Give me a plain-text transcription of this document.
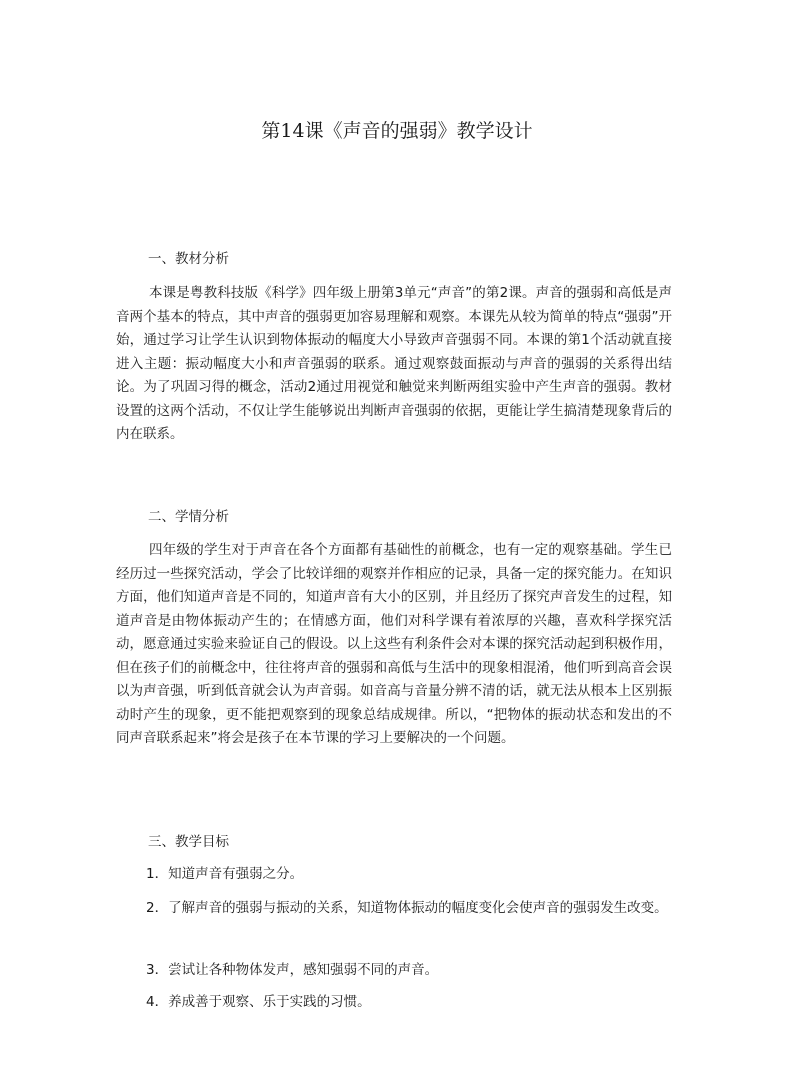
第14课《声音的强弱》教学设计
一、教材分析

本课是粤教科技版《科学》四年级上册第3单元“声音”的第2课。声音的强弱和高低是声音两个基本的特点，其中声音的强弱更加容易理解和观察。本课先从较为简单的特点“强弱”开始，通过学习让学生认识到物体振动的幅度大小导致声音强弱不同。本课的第1个活动就直接进入主题：振动幅度大小和声音强弱的联系。通过观察鼓面振动与声音的强弱的关系得出结论。为了巩固习得的概念，活动2通过用视觉和触觉来判断两组实验中产生声音的强弱。教材设置的这两个活动，不仅让学生能够说出判断声音强弱的依据，更能让学生搞清楚现象背后的内在联系。

二、学情分析

四年级的学生对于声音在各个方面都有基础性的前概念，也有一定的观察基础。学生已经历过一些探究活动，学会了比较详细的观察并作相应的记录，具备一定的探究能力。在知识方面，他们知道声音是不同的，知道声音有大小的区别，并且经历了探究声音发生的过程，知道声音是由物体振动产生的；在情感方面，他们对科学课有着浓厚的兴趣，喜欢科学探究活动，愿意通过实验来验证自己的假设。以上这些有利条件会对本课的探究活动起到积极作用，但在孩子们的前概念中，往往将声音的强弱和高低与生活中的现象相混淆，他们听到高音会误以为声音强，听到低音就会认为声音弱。如音高与音量分辨不清的话，就无法从根本上区别振动时产生的现象，更不能把观察到的现象总结成规律。所以，“把物体的振动状态和发出的不同声音联系起来”将会是孩子在本节课的学习上要解决的一个问题。

三、教学目标

1．知道声音有强弱之分。

2．了解声音的强弱与振动的关系，知道物体振动的幅度变化会使声音的强弱发生改变。

3．尝试让各种物体发声，感知强弱不同的声音。

4．养成善于观察、乐于实践的习惯。
